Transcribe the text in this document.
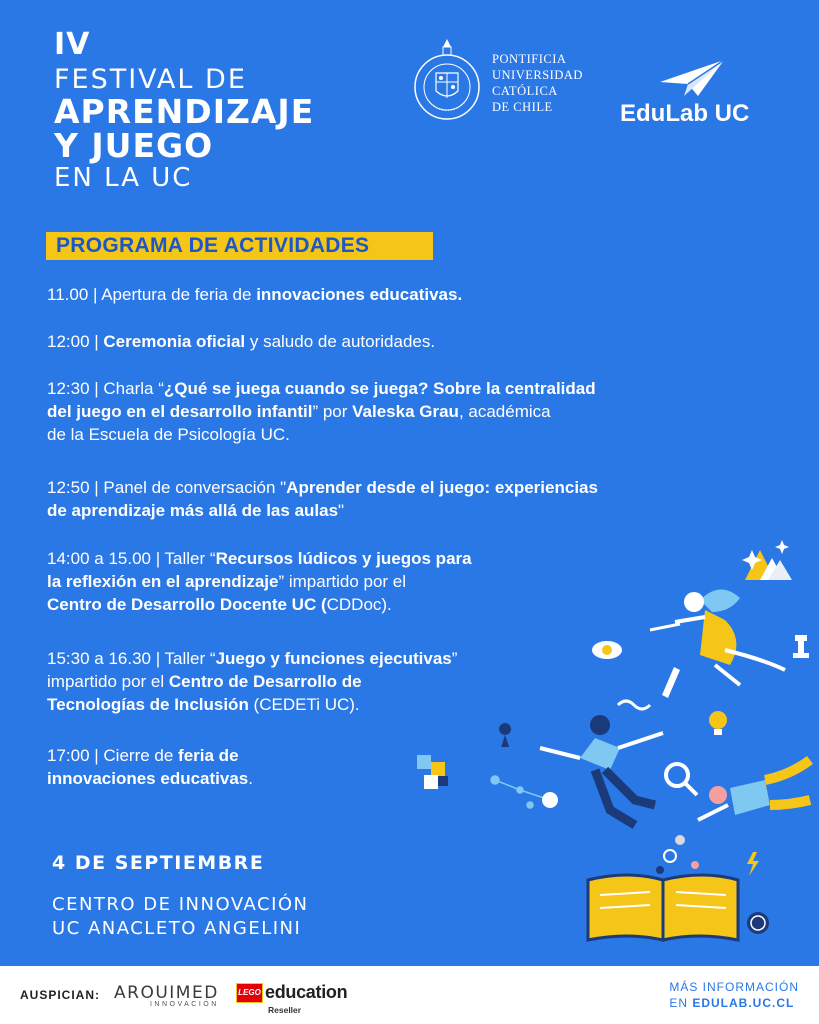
IV
FESTIVAL DE
APRENDIZAJE
Y JUEGO
EN LA UC
PONTIFICIA
UNIVERSIDAD
CATÓLICA
DE CHILE	EduLab UC
PROGRAMA DE ACTIVIDADES
11.00 | Apertura de feria de innovaciones educativas.
12:00 | Ceremonia oficial y saludo de autoridades.
12:30 | Charla “¿Qué se juega cuando se juega? Sobre la centralidad
del juego en el desarrollo infantil” por Valeska Grau, académica
de la Escuela de Psicología UC.
12:50 | Panel de conversación "Aprender desde el juego: experiencias
de aprendizaje más allá de las aulas"
14:00 a 15.00 | Taller “Recursos lúdicos y juegos para
la reflexión en el aprendizaje” impartido por el
Centro de Desarrollo Docente UC (CDDoc).
15:30 a 16.30 | Taller “Juego y funciones ejecutivas”
impartido por el Centro de Desarrollo de
Tecnologías de Inclusión (CEDETi UC).
17:00 | Cierre de feria de
innovaciones educativas.
4 DE SEPTIEMBRE
CENTRO DE INNOVACIÓN
UC ANACLETO ANGELINI
AUSPICIAN: AROUIMED
INNOVACIÓN
LEGO education
Reseller
MÁS INFORMACIÓN
EN EDULAB.UC.CL
